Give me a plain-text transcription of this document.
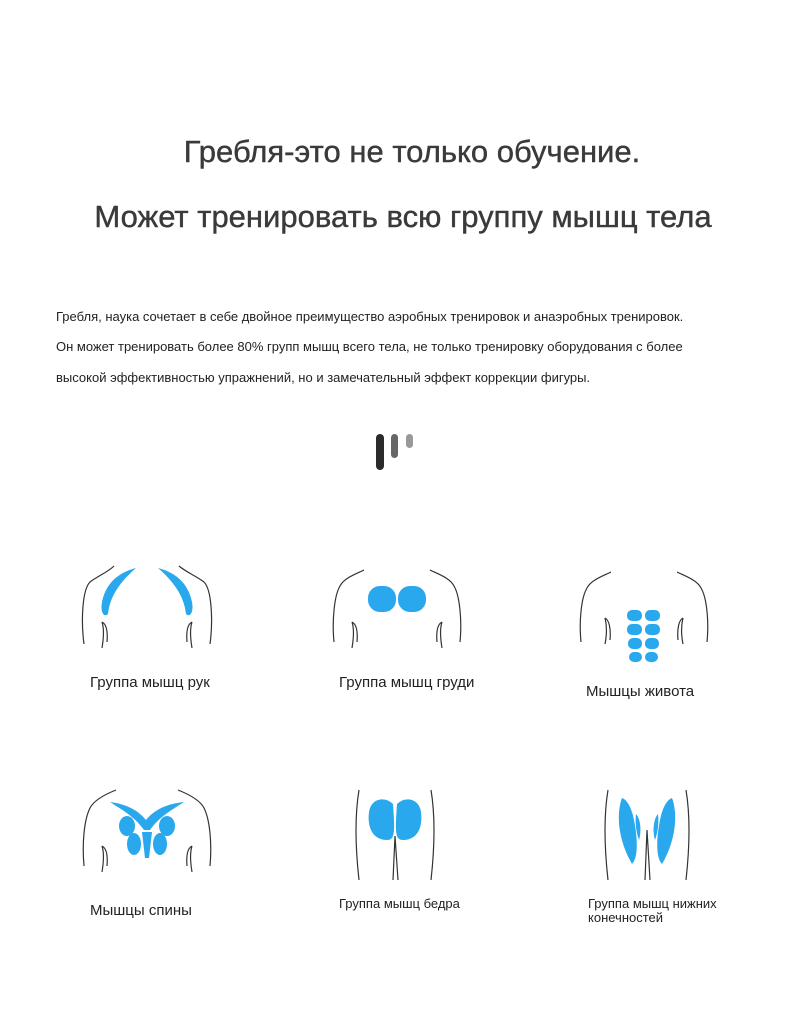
Гребля-это не только обучение.
Может тренировать всю группу мышц тела

Гребля, наука сочетает в себе двойное преимущество аэробных тренировок и анаэробных тренировок.

Он может тренировать более 80% групп мышц всего тела, не только тренировку оборудования с более

высокой эффективностью упражнений, но и замечательный эффект коррекции фигуры.

Группа мышц рук	Группа мышц груди
Мышцы живота
Мышцы спины	Группа мышц бедра	Группа мышц нижних конечностей
